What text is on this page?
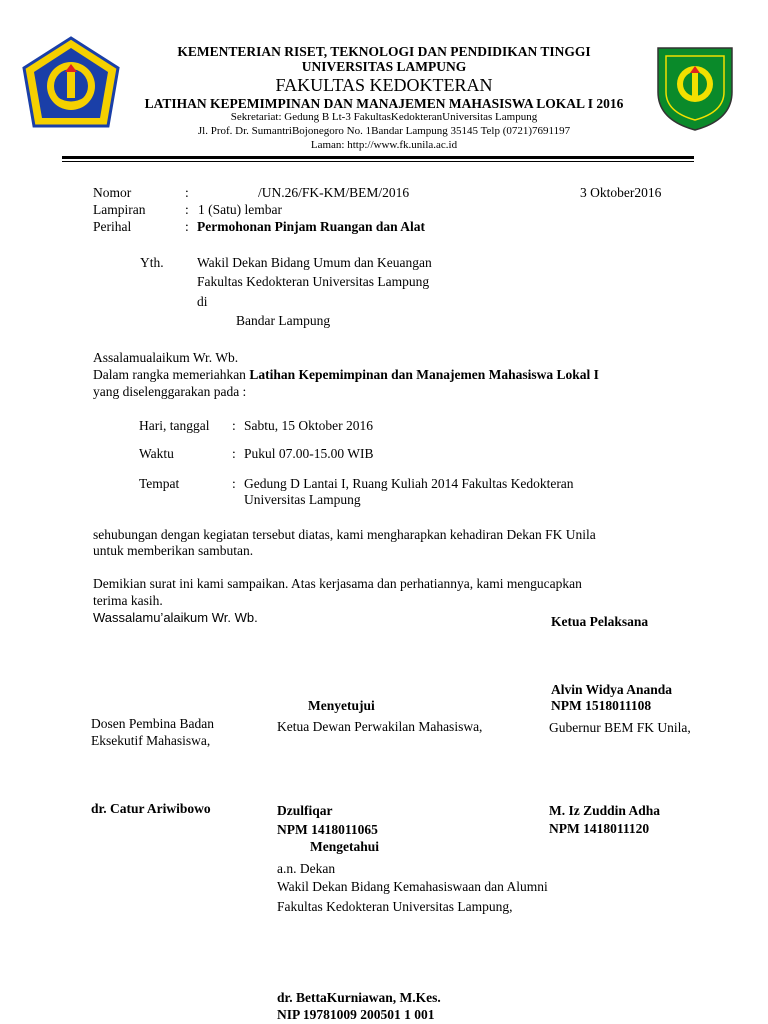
KEMENTERIAN RISET, TEKNOLOGI DAN PENDIDIKAN TINGGI
UNIVERSITAS LAMPUNG
FAKULTAS KEDOKTERAN
LATIHAN KEPEMIMPINAN DAN MANAJEMEN MAHASISWA LOKAL I 2016
Sekretariat: Gedung B Lt-3 FakultasKedokteranUniversitas Lampung
Jl. Prof. Dr. SumantriBojonegoro No. 1Bandar Lampung 35145 Telp (0721)7691197
Laman: http://www.fk.unila.ac.id
Nomor	:	/UN.26/FK-KM/BEM/2016	3 Oktober2016
Lampiran	: 1 (Satu) lembar
Perihal	: Permohonan Pinjam Ruangan dan Alat
Yth. Wakil Dekan Bidang Umum dan Keuangan
Fakultas Kedokteran Universitas Lampung
di
Bandar Lampung
Assalamualaikum Wr. Wb.
Dalam rangka memeriahkan Latihan Kepemimpinan dan Manajemen Mahasiswa Lokal I
yang diselenggarakan pada :
Hari, tanggal : Sabtu, 15 Oktober 2016
Waktu	: Pukul 07.00-15.00 WIB
Tempat	: Gedung D Lantai I, Ruang Kuliah 2014 Fakultas Kedokteran
Universitas Lampung
sehubungan dengan kegiatan tersebut diatas, kami mengharapkan kehadiran Dekan FK Unila
untuk memberikan sambutan.
Demikian surat ini kami sampaikan. Atas kerjasama dan perhatiannya, kami mengucapkan
terima kasih.
Wassalamu’alaikum Wr. Wb.	Ketua Pelaksana
Alvin Widya Ananda
NPM 1518011108
Menyetujui
Dosen Pembina Badan
Eksekutif Mahasiswa,
Ketua Dewan Perwakilan Mahasiswa,	Gubernur BEM FK Unila,
dr. Catur Ariwibowo	Dzulfiqar	M. Iz Zuddin Adha
NPM 1418011065	NPM 1418011120
Mengetahui
a.n. Dekan
Wakil Dekan Bidang Kemahasiswaan dan Alumni
Fakultas Kedokteran Universitas Lampung,
dr. BettaKurniawan, M.Kes.
NIP 19781009 200501 1 001
